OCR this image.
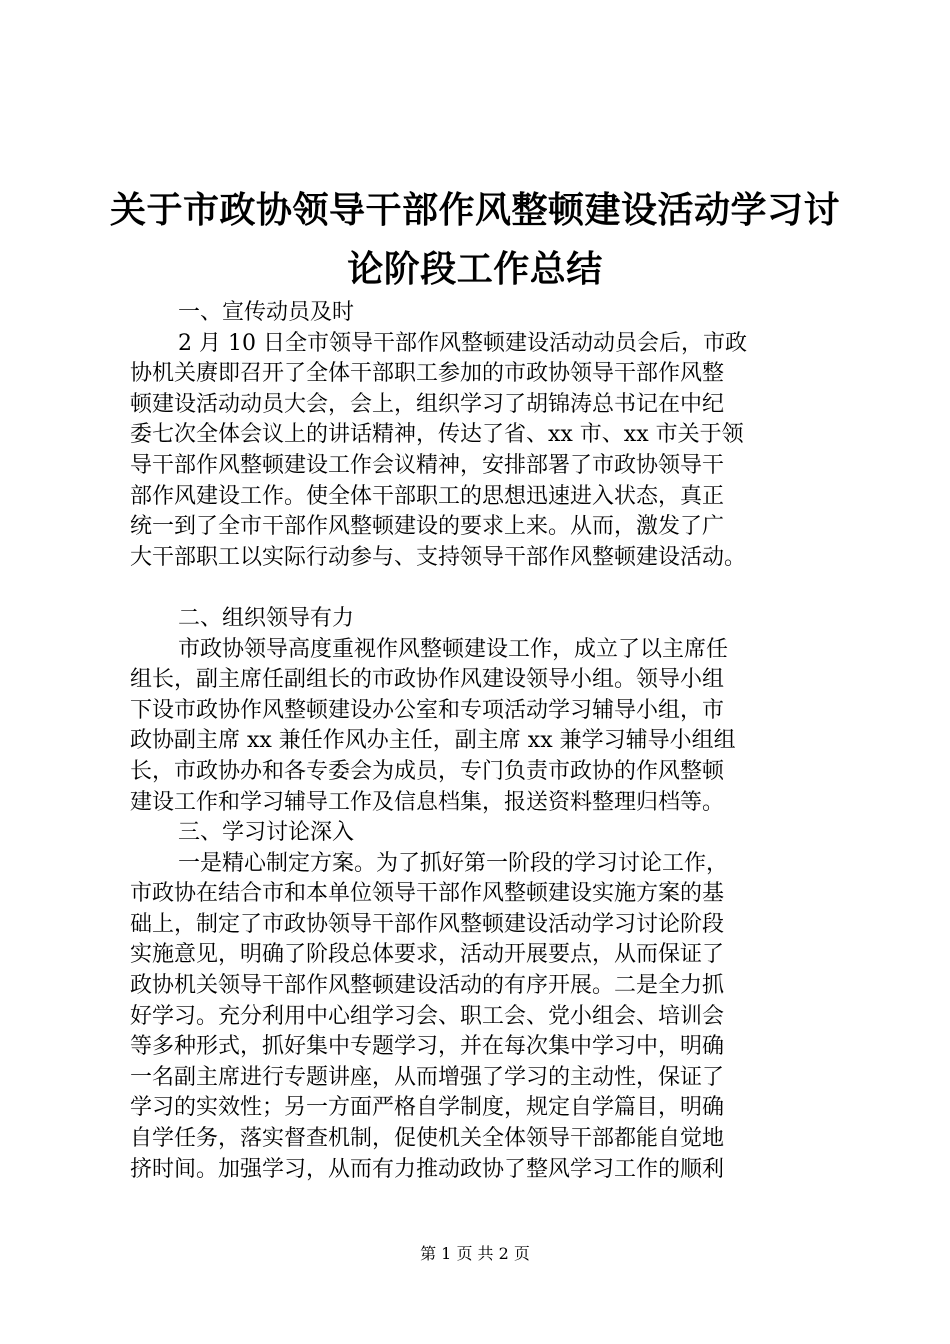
关于市政协领导干部作风整顿建设活动学习讨
论阶段工作总结
一、宣传动员及时
2 月 10 日全市领导干部作风整顿建设活动动员会后，市政
协机关赓即召开了全体干部职工参加的市政协领导干部作风整
顿建设活动动员大会，会上，组织学习了胡锦涛总书记在中纪
委七次全体会议上的讲话精神，传达了省、xx 市、xx 市关于领
导干部作风整顿建设工作会议精神，安排部署了市政协领导干
部作风建设工作。使全体干部职工的思想迅速进入状态，真正
统一到了全市干部作风整顿建设的要求上来。从而，激发了广
大干部职工以实际行动参与、支持领导干部作风整顿建设活动。
二、组织领导有力
市政协领导高度重视作风整顿建设工作，成立了以主席任
组长，副主席任副组长的市政协作风建设领导小组。领导小组
下设市政协作风整顿建设办公室和专项活动学习辅导小组，市
政协副主席 xx 兼任作风办主任，副主席 xx 兼学习辅导小组组
长，市政协办和各专委会为成员，专门负责市政协的作风整顿
建设工作和学习辅导工作及信息档集，报送资料整理归档等。
三、学习讨论深入
一是精心制定方案。为了抓好第一阶段的学习讨论工作，
市政协在结合市和本单位领导干部作风整顿建设实施方案的基
础上，制定了市政协领导干部作风整顿建设活动学习讨论阶段
实施意见，明确了阶段总体要求，活动开展要点，从而保证了
政协机关领导干部作风整顿建设活动的有序开展。二是全力抓
好学习。充分利用中心组学习会、职工会、党小组会、培训会
等多种形式，抓好集中专题学习，并在每次集中学习中，明确
一名副主席进行专题讲座，从而增强了学习的主动性，保证了
学习的实效性；另一方面严格自学制度，规定自学篇目，明确
自学任务，落实督查机制，促使机关全体领导干部都能自觉地
挤时间。加强学习，从而有力推动政协了整风学习工作的顺利
第 1 页 共 2 页
